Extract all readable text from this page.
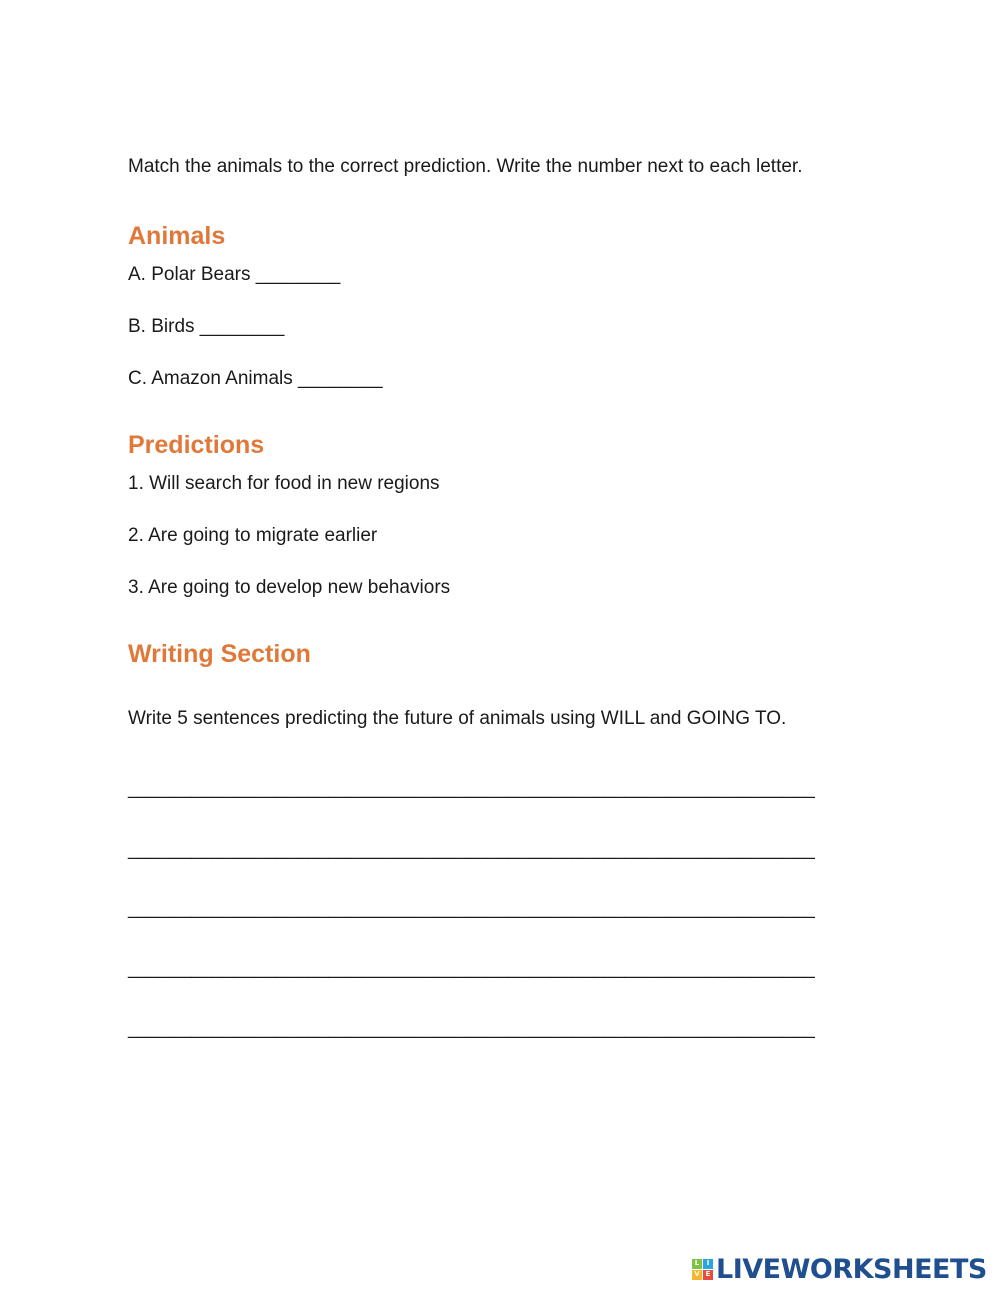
Match the animals to the correct prediction. Write the number next to each letter.
Animals
A. Polar Bears ________
B. Birds ________
C. Amazon Animals ________
Predictions
1. Will search for food in new regions
2. Are going to migrate earlier
3. Are going to develop new behaviors
Writing Section
Write 5 sentences predicting the future of animals using WILL and GOING TO.
_________________________________________________________________
_________________________________________________________________
_________________________________________________________________
_________________________________________________________________
_________________________________________________________________
L	I
V E LIVEWORKSHEETS
